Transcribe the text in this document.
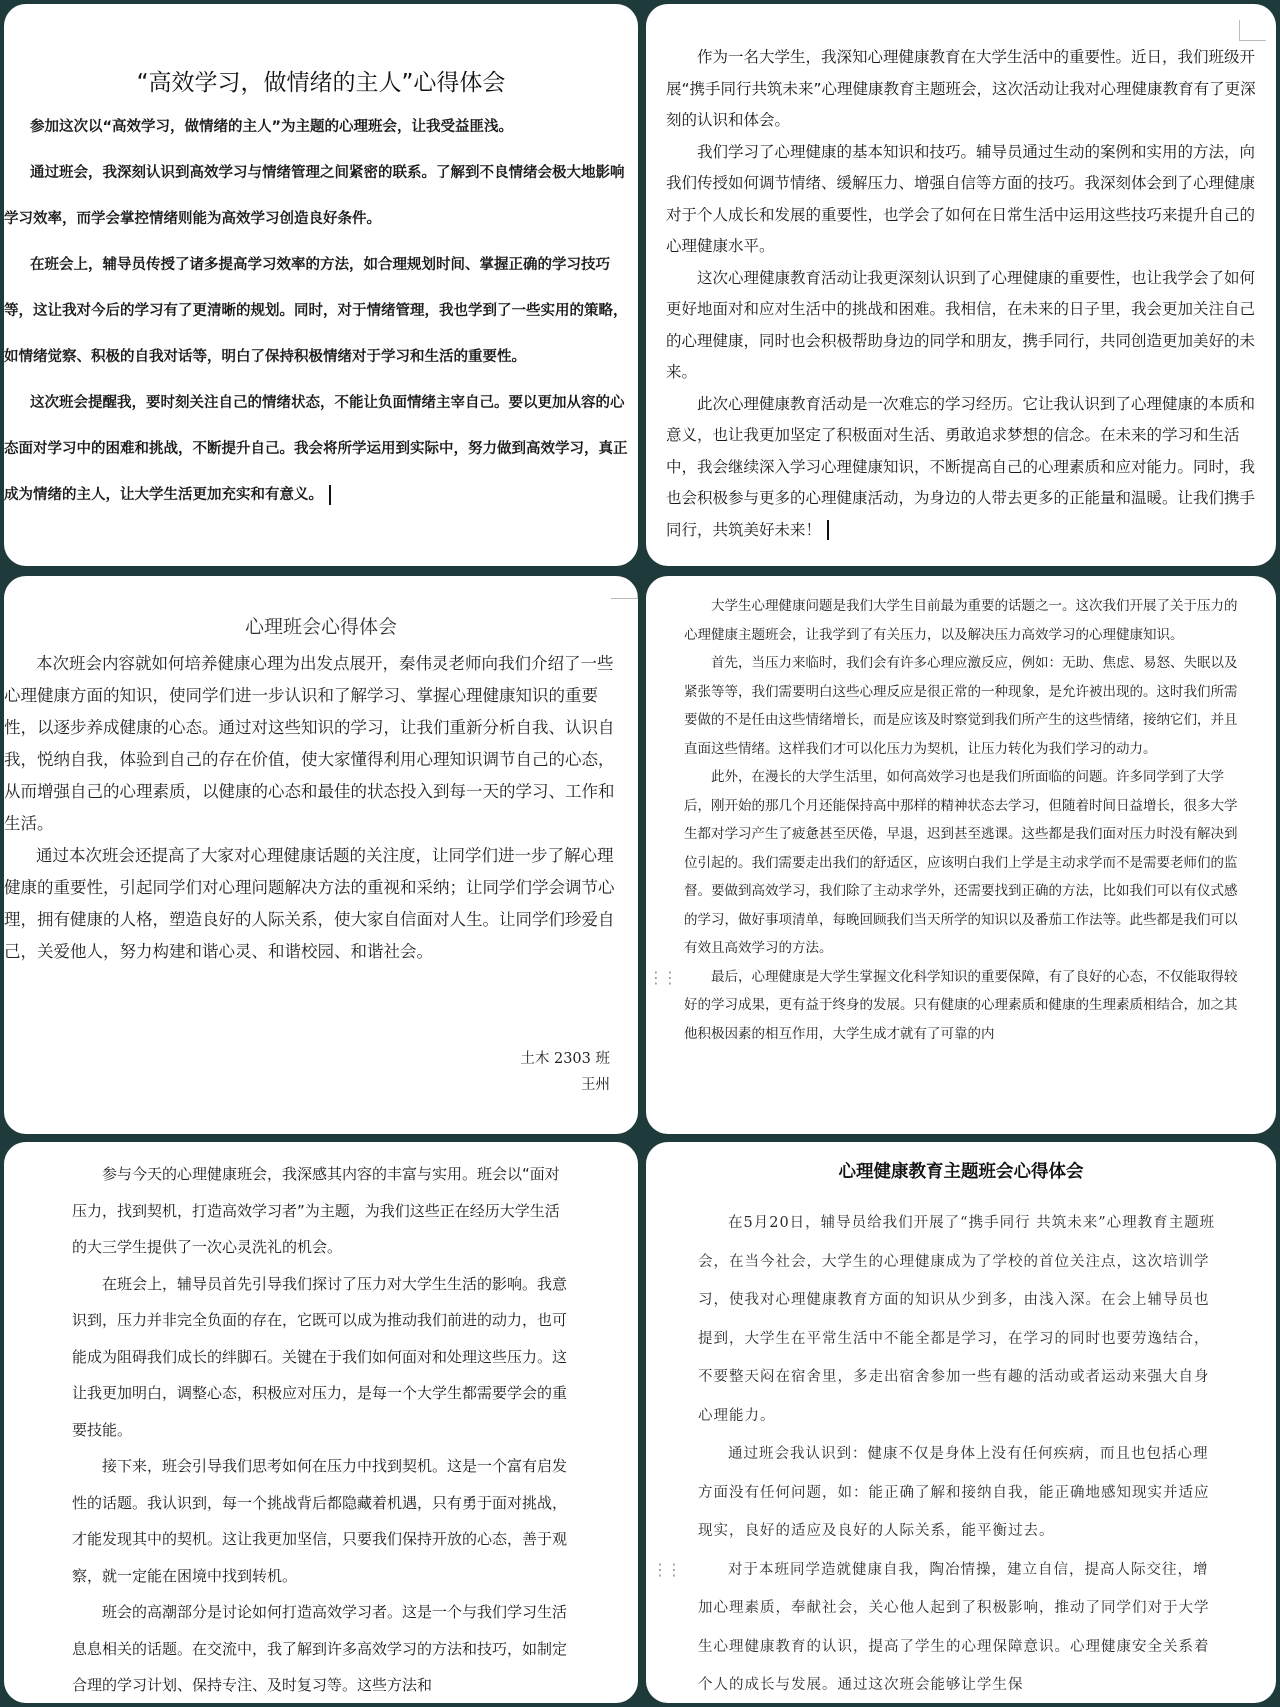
“高效学习，做情绪的主人”心得体会

参加这次以“高效学习，做情绪的主人”为主题的心理班会，让我受益匪浅。

通过班会，我深刻认识到高效学习与情绪管理之间紧密的联系。了解到不良情绪会极大地影响学习效率，而学会掌控情绪则能为高效学习创造良好条件。

在班会上，辅导员传授了诸多提高学习效率的方法，如合理规划时间、掌握正确的学习技巧等，这让我对今后的学习有了更清晰的规划。同时，对于情绪管理，我也学到了一些实用的策略，如情绪觉察、积极的自我对话等，明白了保持积极情绪对于学习和生活的重要性。

这次班会提醒我，要时刻关注自己的情绪状态，不能让负面情绪主宰自己。要以更加从容的心态面对学习中的困难和挑战，不断提升自己。我会将所学运用到实际中，努力做到高效学习，真正成为情绪的主人，让大学生活更加充实和有意义。

作为一名大学生，我深知心理健康教育在大学生活中的重要性。近日，我们班级开展“携手同行共筑未来”心理健康教育主题班会，这次活动让我对心理健康教育有了更深刻的认识和体会。

我们学习了心理健康的基本知识和技巧。辅导员通过生动的案例和实用的方法，向我们传授如何调节情绪、缓解压力、增强自信等方面的技巧。我深刻体会到了心理健康对于个人成长和发展的重要性，也学会了如何在日常生活中运用这些技巧来提升自己的心理健康水平。

这次心理健康教育活动让我更深刻认识到了心理健康的重要性，也让我学会了如何更好地面对和应对生活中的挑战和困难。我相信，在未来的日子里，我会更加关注自己的心理健康，同时也会积极帮助身边的同学和朋友，携手同行，共同创造更加美好的未来。

此次心理健康教育活动是一次难忘的学习经历。它让我认识到了心理健康的本质和意义，也让我更加坚定了积极面对生活、勇敢追求梦想的信念。在未来的学习和生活中，我会继续深入学习心理健康知识，不断提高自己的心理素质和应对能力。同时，我也会积极参与更多的心理健康活动，为身边的人带去更多的正能量和温暖。让我们携手同行，共筑美好未来！

心理班会心得体会

本次班会内容就如何培养健康心理为出发点展开，秦伟灵老师向我们介绍了一些心理健康方面的知识，使同学们进一步认识和了解学习、掌握心理健康知识的重要性，以逐步养成健康的心态。通过对这些知识的学习，让我们重新分析自我、认识自我，悦纳自我，体验到自己的存在价值，使大家懂得利用心理知识调节自己的心态，从而增强自己的心理素质，以健康的心态和最佳的状态投入到每一天的学习、工作和生活。

通过本次班会还提高了大家对心理健康话题的关注度，让同学们进一步了解心理健康的重要性，引起同学们对心理问题解决方法的重视和采纳；让同学们学会调节心理，拥有健康的人格，塑造良好的人际关系，使大家自信面对人生。让同学们珍爱自己，关爱他人，努力构建和谐心灵、和谐校园、和谐社会。

土木 2303 班
王州
⋮⋮

大学生心理健康问题是我们大学生目前最为重要的话题之一。这次我们开展了关于压力的心理健康主题班会，让我学到了有关压力，以及解决压力高效学习的心理健康知识。

首先，当压力来临时，我们会有许多心理应激反应，例如：无助、焦虑、易怒、失眠以及紧张等等，我们需要明白这些心理反应是很正常的一种现象，是允许被出现的。这时我们所需要做的不是任由这些情绪增长，而是应该及时察觉到我们所产生的这些情绪，接纳它们，并且直面这些情绪。这样我们才可以化压力为契机，让压力转化为我们学习的动力。

此外，在漫长的大学生活里，如何高效学习也是我们所面临的问题。许多同学到了大学后，刚开始的那几个月还能保持高中那样的精神状态去学习，但随着时间日益增长，很多大学生都对学习产生了疲惫甚至厌倦，早退，迟到甚至逃课。这些都是我们面对压力时没有解决到位引起的。我们需要走出我们的舒适区，应该明白我们上学是主动求学而不是需要老师们的监督。要做到高效学习，我们除了主动求学外，还需要找到正确的方法，比如我们可以有仪式感的学习，做好事项清单，每晚回顾我们当天所学的知识以及番茄工作法等。此些都是我们可以有效且高效学习的方法。

最后，心理健康是大学生掌握文化科学知识的重要保障，有了良好的心态，不仅能取得较好的学习成果，更有益于终身的发展。只有健康的心理素质和健康的生理素质相结合，加之其他积极因素的相互作用，大学生成才就有了可靠的内

参与今天的心理健康班会，我深感其内容的丰富与实用。班会以“面对压力，找到契机，打造高效学习者”为主题，为我们这些正在经历大学生活的大三学生提供了一次心灵洗礼的机会。

在班会上，辅导员首先引导我们探讨了压力对大学生生活的影响。我意识到，压力并非完全负面的存在，它既可以成为推动我们前进的动力，也可能成为阻碍我们成长的绊脚石。关键在于我们如何面对和处理这些压力。这让我更加明白，调整心态，积极应对压力，是每一个大学生都需要学会的重要技能。

接下来，班会引导我们思考如何在压力中找到契机。这是一个富有启发性的话题。我认识到，每一个挑战背后都隐藏着机遇，只有勇于面对挑战，才能发现其中的契机。这让我更加坚信，只要我们保持开放的心态，善于观察，就一定能在困境中找到转机。

班会的高潮部分是讨论如何打造高效学习者。这是一个与我们学习生活息息相关的话题。在交流中，我了解到许多高效学习的方法和技巧，如制定合理的学习计划、保持专注、及时复习等。这些方法和

心理健康教育主题班会心得体会
⋮⋮

在5月20日，辅导员给我们开展了“携手同行 共筑未来”心理教育主题班会，在当今社会，大学生的心理健康成为了学校的首位关注点，这次培训学习，使我对心理健康教育方面的知识从少到多，由浅入深。在会上辅导员也提到，大学生在平常生活中不能全都是学习，在学习的同时也要劳逸结合，不要整天闷在宿舍里，多走出宿舍参加一些有趣的活动或者运动来强大自身心理能力。

通过班会我认识到：健康不仅是身体上没有任何疾病，而且也包括心理方面没有任何问题，如：能正确了解和接纳自我，能正确地感知现实并适应现实，良好的适应及良好的人际关系，能平衡过去。

对于本班同学造就健康自我，陶冶情操，建立自信，提高人际交往，增加心理素质，奉献社会，关心他人起到了积极影响，推动了同学们对于大学生心理健康教育的认识，提高了学生的心理保障意识。心理健康安全关系着个人的成长与发展。通过这次班会能够让学生保
